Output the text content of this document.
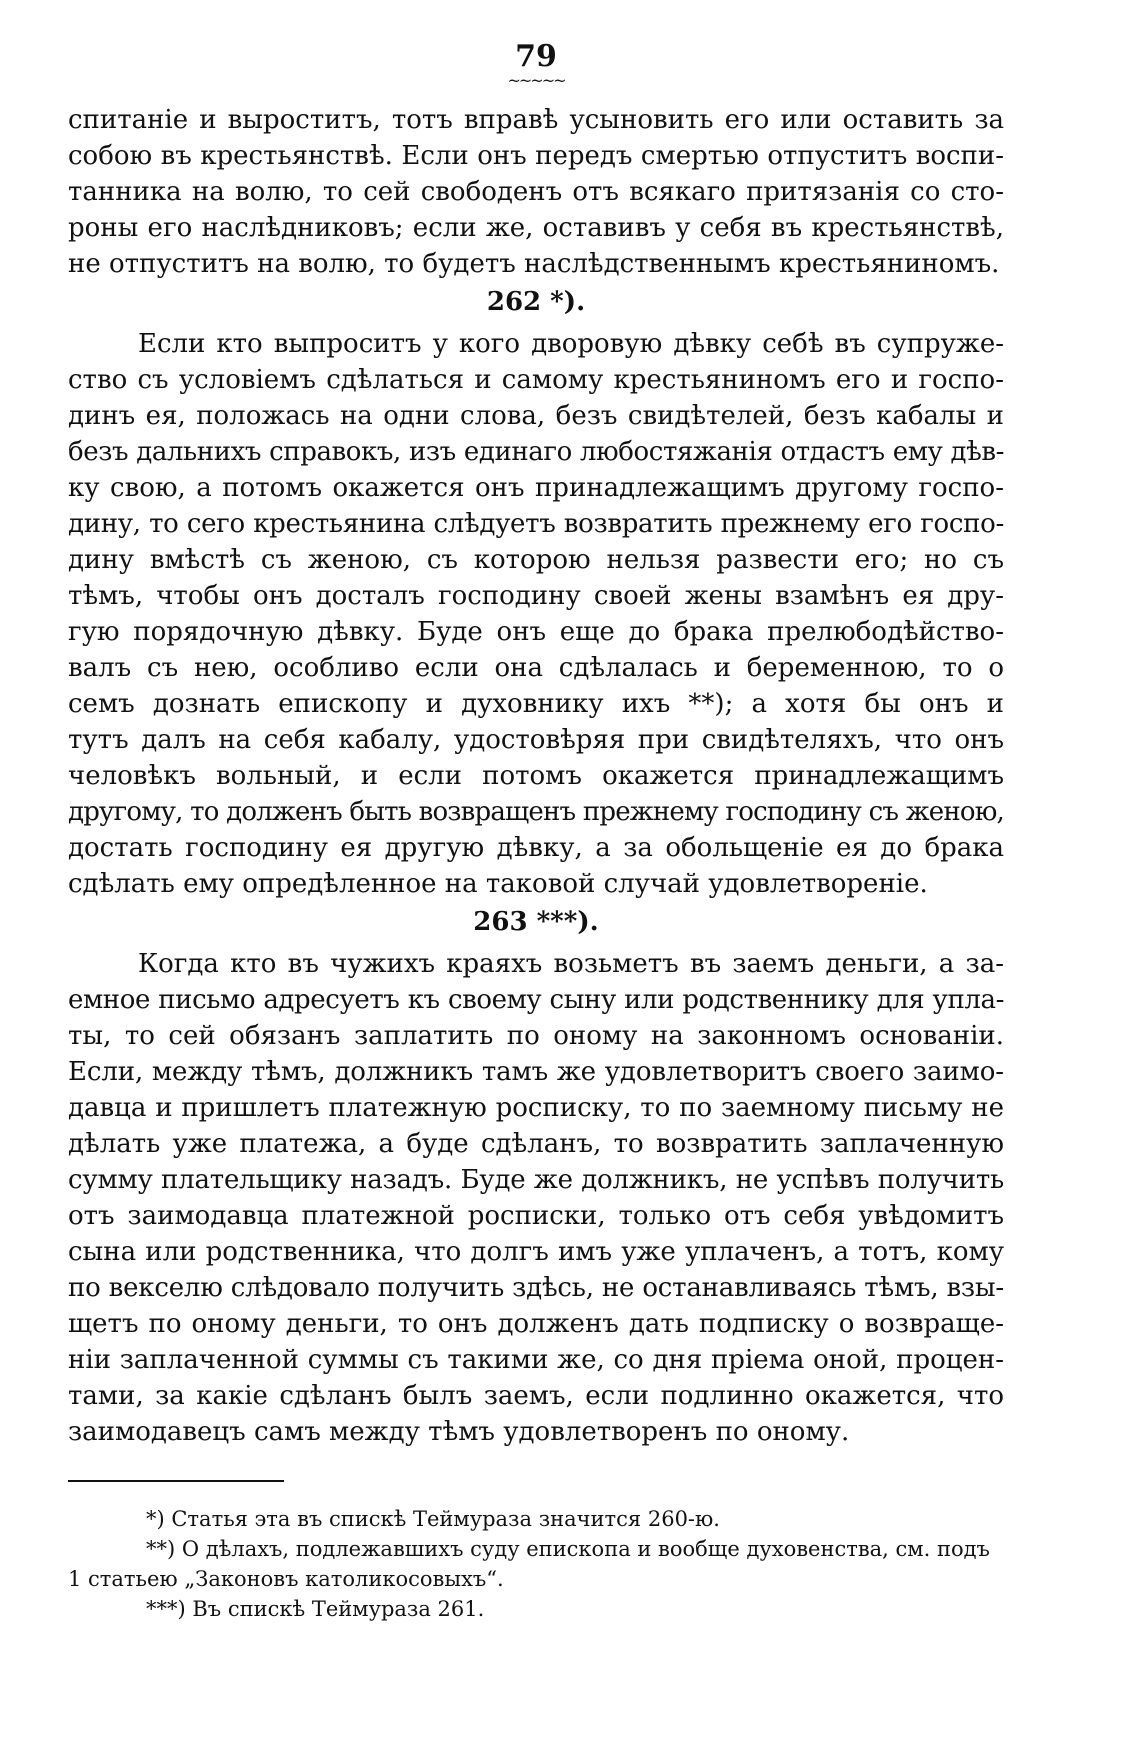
79
~~~~~
спитаніе и выроститъ, тотъ вправѣ усыновить его или оставить за
собою въ крестьянствѣ. Если онъ передъ смертью отпуститъ воспи-
танника на волю, то сей свободенъ отъ всякаго притязанія со сто-
роны его наслѣдниковъ; если же, оставивъ у себя въ крестьянствѣ,
не отпуститъ на волю, то будетъ наслѣдственнымъ крестьяниномъ.
262 *).
Если кто выпроситъ у кого дворовую дѣвку себѣ въ супруже-
ство съ условіемъ сдѣлаться и самому крестьяниномъ его и госпо-
динъ ея, положась на одни слова, безъ свидѣтелей, безъ кабалы и
безъ дальнихъ справокъ, изъ единаго любостяжанія отдастъ ему дѣв-
ку свою, а потомъ окажется онъ принадлежащимъ другому госпо-
дину, то сего крестьянина слѣдуетъ возвратить прежнему его госпо-
дину вмѣстѣ съ женою, съ которою нельзя развести его; но съ
тѣмъ, чтобы онъ досталъ господину своей жены взамѣнъ ея дру-
гую порядочную дѣвку. Буде онъ еще до брака прелюбодѣйство-
валъ съ нею, особливо если она сдѣлалась и беременною, то о
семъ дознать епископу и духовнику ихъ **); а хотя бы онъ и
тутъ далъ на себя кабалу, удостовѣряя при свидѣтеляхъ, что онъ
человѣкъ вольный, и если потомъ окажется принадлежащимъ
другому, то долженъ быть возвращенъ прежнему господину съ женою,
достать господину ея другую дѣвку, а за обольщеніе ея до брака
сдѣлать ему опредѣленное на таковой случай удовлетвореніе.
263 ***).
Когда кто въ чужихъ краяхъ возьметъ въ заемъ деньги, а за-
емное письмо адресуетъ къ своему сыну или родственнику для упла-
ты, то сей обязанъ заплатить по оному на законномъ основаніи.
Если, между тѣмъ, должникъ тамъ же удовлетворитъ своего заимо-
давца и пришлетъ платежную росписку, то по заемному письму не
дѣлать уже платежа, а буде сдѣланъ, то возвратить заплаченную
сумму плательщику назадъ. Буде же должникъ, не успѣвъ получить
отъ заимодавца платежной росписки, только отъ себя увѣдомитъ
сына или родственника, что долгъ имъ уже уплаченъ, а тотъ, кому
по векселю слѣдовало получить здѣсь, не останавливаясь тѣмъ, взы-
щетъ по оному деньги, то онъ долженъ дать подписку о возвраще-
ніи заплаченной суммы съ такими же, со дня пріема оной, процен-
тами, за какіе сдѣланъ былъ заемъ, если подлинно окажется, что
заимодавецъ самъ между тѣмъ удовлетворенъ по оному.
*) Статья эта въ спискѣ Теймураза значится 260-ю.
**) О дѣлахъ, подлежавшихъ суду епископа и вообще духовенства, см. подъ
1 статьею „Законовъ католикосовыхъ“.
***) Въ спискѣ Теймураза 261.
